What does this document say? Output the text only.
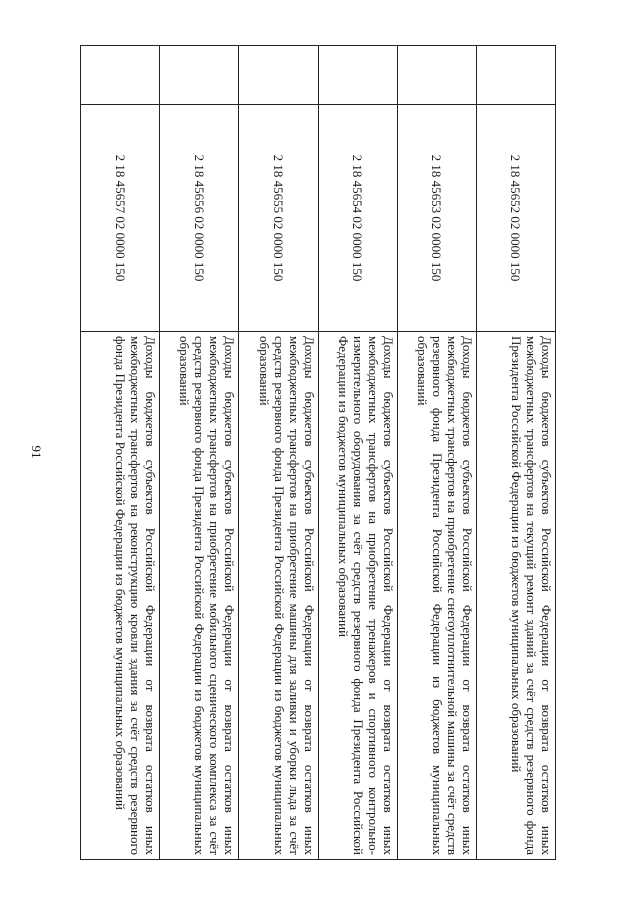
91
	2 18 45652 02 0000 150	Доходы бюджетов субъектов Российской Федерации от возврата остатков иных межбюджетных трансфертов на текущий ремонт зданий за счёт средств резервного фонда Президента Российской Федерации из бюджетов муниципальных образований
	2 18 45653 02 0000 150	Доходы бюджетов субъектов Российской Федерации от возврата остатков иных межбюджетных трансфертов на приобретение снегоуплотнительной машины за счёт средств резервного фонда Президента Российской Федерации из бюджетов муниципальных образований
	2 18 45654 02 0000 150	Доходы бюджетов субъектов Российской Федерации от возврата остатков иных межбюджетных трансфертов на приобретение тренажеров и спортивного контрольно-измерительного оборудования за счёт средств резервного фонда Президента Российской Федерации из бюджетов муниципальных образований
	2 18 45655 02 0000 150	Доходы бюджетов субъектов Российской Федерации от возврата остатков иных межбюджетных трансфертов на приобретение машины для заливки и уборки льда за счёт средств резервного фонда Президента Российской Федерации из бюджетов муниципальных образований
	2 18 45656 02 0000 150	Доходы бюджетов субъектов Российской Федерации от возврата остатков иных межбюджетных трансфертов на приобретение мобильного сценического комплекса за счёт средств резервного фонда Президента Российской Федерации из бюджетов муниципальных образований
	2 18 45657 02 0000 150	Доходы бюджетов субъектов Российской Федерации от возврата остатков иных межбюджетных трансфертов на реконструкцию кровли здания за счёт средств резервного фонда Президента Российской Федерации из бюджетов муниципальных образований
